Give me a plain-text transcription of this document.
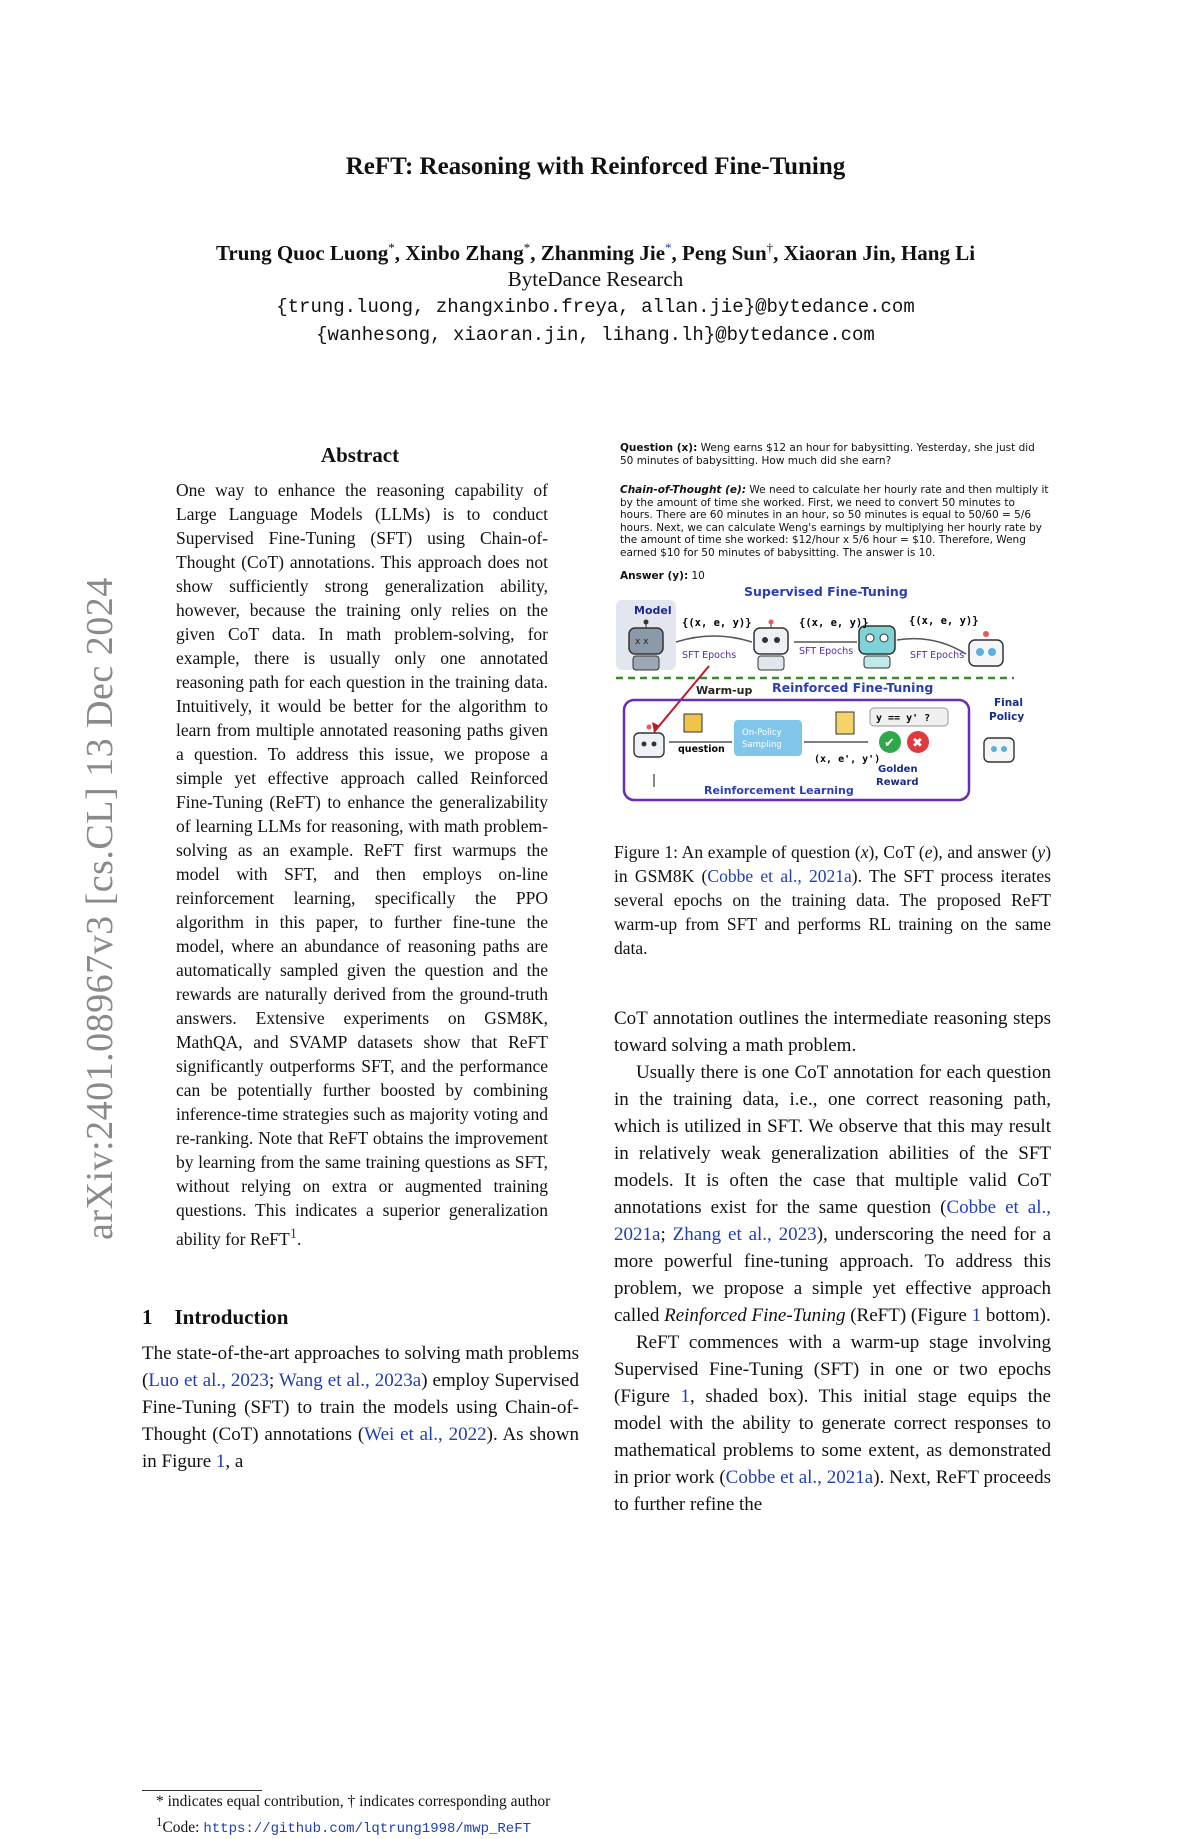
arXiv:2401.08967v3 [cs.CL] 13 Dec 2024
ReFT: Reasoning with Reinforced Fine-Tuning
Trung Quoc Luong*, Xinbo Zhang*, Zhanming Jie*, Peng Sun†, Xiaoran Jin, Hang Li
ByteDance Research
{trung.luong, zhangxinbo.freya, allan.jie}@bytedance.com
{wanhesong, xiaoran.jin, lihang.lh}@bytedance.com
Abstract
One way to enhance the reasoning capability of Large Language Models (LLMs) is to conduct Supervised Fine-Tuning (SFT) using Chain-of-Thought (CoT) annotations. This approach does not show sufficiently strong generalization ability, however, because the training only relies on the given CoT data. In math problem-solving, for example, there is usually only one annotated reasoning path for each question in the training data. Intuitively, it would be better for the algorithm to learn from multiple annotated reasoning paths given a question. To address this issue, we propose a simple yet effective approach called Reinforced Fine-Tuning (ReFT) to enhance the generalizability of learning LLMs for reasoning, with math problem-solving as an example. ReFT first warmups the model with SFT, and then employs on-line reinforcement learning, specifically the PPO algorithm in this paper, to further fine-tune the model, where an abundance of reasoning paths are automatically sampled given the question and the rewards are naturally derived from the ground-truth answers. Extensive experiments on GSM8K, MathQA, and SVAMP datasets show that ReFT significantly outperforms SFT, and the performance can be potentially further boosted by combining inference-time strategies such as majority voting and re-ranking. Note that ReFT obtains the improvement by learning from the same training questions as SFT, without relying on extra or augmented training questions. This indicates a superior generalization ability for ReFT$^1$.
1 Introduction
The state-of-the-art approaches to solving math problems (Luo et al., 2023; Wang et al., 2023a) employ Supervised Fine-Tuning (SFT) to train the models using Chain-of-Thought (CoT) annotations (Wei et al., 2022). As shown in Figure 1, a
* indicates equal contribution, † indicates corresponding author
$^1$Code: https://github.com/lqtrung1998/mwp_ReFT
Question (x): Weng earns $12 an hour for babysitting. Yesterday, she just did 50 minutes of babysitting. How much did she earn?
Chain-of-Thought (e): We need to calculate her hourly rate and then multiply it by the amount of time she worked. First, we need to convert 50 minutes to hours. There are 60 minutes in an hour, so 50 minutes is equal to 50/60 = 5/6 hours. Next, we can calculate Weng's earnings by multiplying her hourly rate by the amount of time she worked: $12/hour x 5/6 hour = $10. Therefore, Weng earned $10 for 50 minutes of babysitting. The answer is 10.
Answer (y): 10
Model
Supervised Fine-Tuning
x x
{(x, e, y)}	{(x, e, y)}	{(x, e, y)}
SFT Epochs	SFT Epochs	SFT Epochs
Warm-up Reinforced Fine-Tuning
Final
Policy
question
On-Policy
Sampling
(x, e', y')
y == y' ?
✔ ✖
Golden
Reward
Reinforcement Learning
Figure 1: An example of question (x), CoT (e), and answer (y) in GSM8K (Cobbe et al., 2021a). The SFT process iterates several epochs on the training data. The proposed ReFT warm-up from SFT and performs RL training on the same data.

CoT annotation outlines the intermediate reasoning steps toward solving a math problem.

Usually there is one CoT annotation for each question in the training data, i.e., one correct reasoning path, which is utilized in SFT. We observe that this may result in relatively weak generalization abilities of the SFT models. It is often the case that multiple valid CoT annotations exist for the same question (Cobbe et al., 2021a; Zhang et al., 2023), underscoring the need for a more powerful fine-tuning approach. To address this problem, we propose a simple yet effective approach called Reinforced Fine-Tuning (ReFT) (Figure 1 bottom).

ReFT commences with a warm-up stage involving Supervised Fine-Tuning (SFT) in one or two epochs (Figure 1, shaded box). This initial stage equips the model with the ability to generate correct responses to mathematical problems to some extent, as demonstrated in prior work (Cobbe et al., 2021a). Next, ReFT proceeds to further refine the
